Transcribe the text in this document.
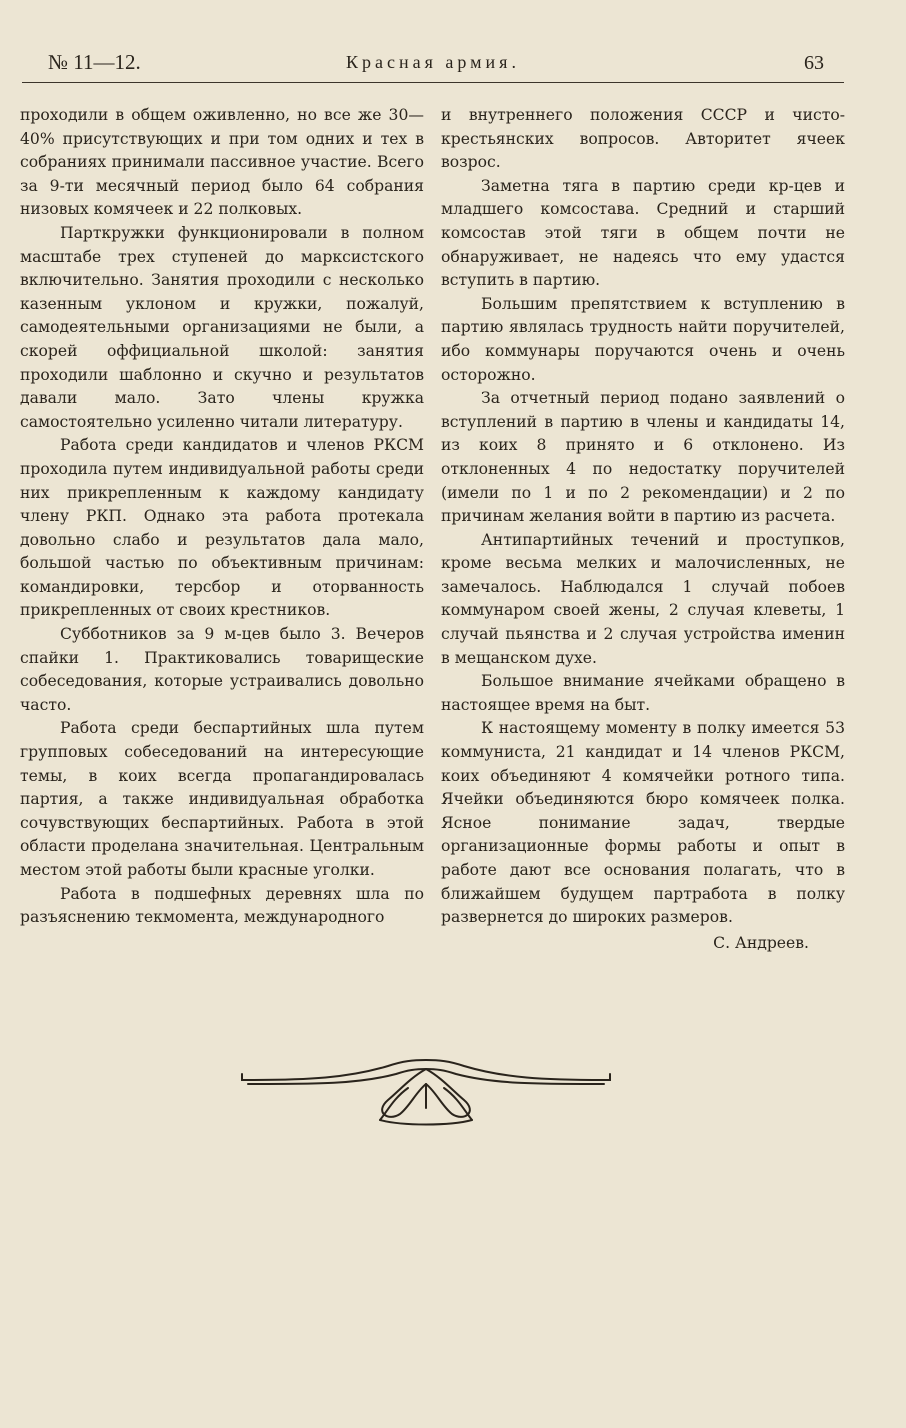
№ 11—12.	Красная армия.	63

проходили в общем оживленно, но все же 30—40% присутствующих и при том одних и тех в собраниях принимали пассивное участие. Всего за 9-ти месячный период было 64 собрания низовых комячеек и 22 полковых.

Парткружки функционировали в полном масштабе трех ступеней до марксистского включительно. Занятия проходили с несколько казенным уклоном и кружки, пожалуй, самодеятельными организациями не были, а скорей оффициальной школой: занятия проходили шаблонно и скучно и результатов давали мало. Зато члены кружка самостоятельно усиленно читали литературу.

Работа среди кандидатов и членов РКСМ проходила путем индивидуальной работы среди них прикрепленным к каждому кандидату члену РКП. Однако эта работа протекала довольно слабо и результатов дала мало, большой частью по объективным причинам: командировки, терсбор и оторванность прикрепленных от своих крестников.

Субботников за 9 м-цев было 3. Вечеров спайки 1. Практиковались товарищеские собеседования, которые устраивались довольно часто.

Работа среди беспартийных шла путем групповых собеседований на интересующие темы, в коих всегда пропагандировалась партия, а также индивидуальная обработка сочувствующих беспартийных. Работа в этой области проделана значительная. Центральным местом этой работы были красные уголки.

Работа в подшефных деревнях шла по разъяснению текмомента, международного

и внутреннего положения СССР и чисто-крестьянских вопросов. Авторитет ячеек возрос.

Заметна тяга в партию среди кр-цев и младшего комсостава. Средний и старший комсостав этой тяги в общем почти не обнаруживает, не надеясь что ему удастся вступить в партию.

Большим препятствием к вступлению в партию являлась трудность найти поручителей, ибо коммунары поручаются очень и очень осторожно.

За отчетный период подано заявлений о вступлений в партию в члены и кандидаты 14, из коих 8 принято и 6 отклонено. Из отклоненных 4 по недостатку поручителей (имели по 1 и по 2 рекомендации) и 2 по причинам желания войти в партию из расчета.

Антипартийных течений и проступков, кроме весьма мелких и малочисленных, не замечалось. Наблюдался 1 случай побоев коммунаром своей жены, 2 случая клеветы, 1 случай пьянства и 2 случая устройства именин в мещанском духе.

Большое внимание ячейками обращено в настоящее время на быт.

К настоящему моменту в полку имеется 53 коммуниста, 21 кандидат и 14 членов РКСМ, коих объединяют 4 комячейки ротного типа. Ячейки объединяются бюро комячеек полка. Ясное понимание задач, твердые организационные формы работы и опыт в работе дают все основания полагать, что в ближайшем будущем партработа в полку развернется до широких размеров.

С. Андреев.
